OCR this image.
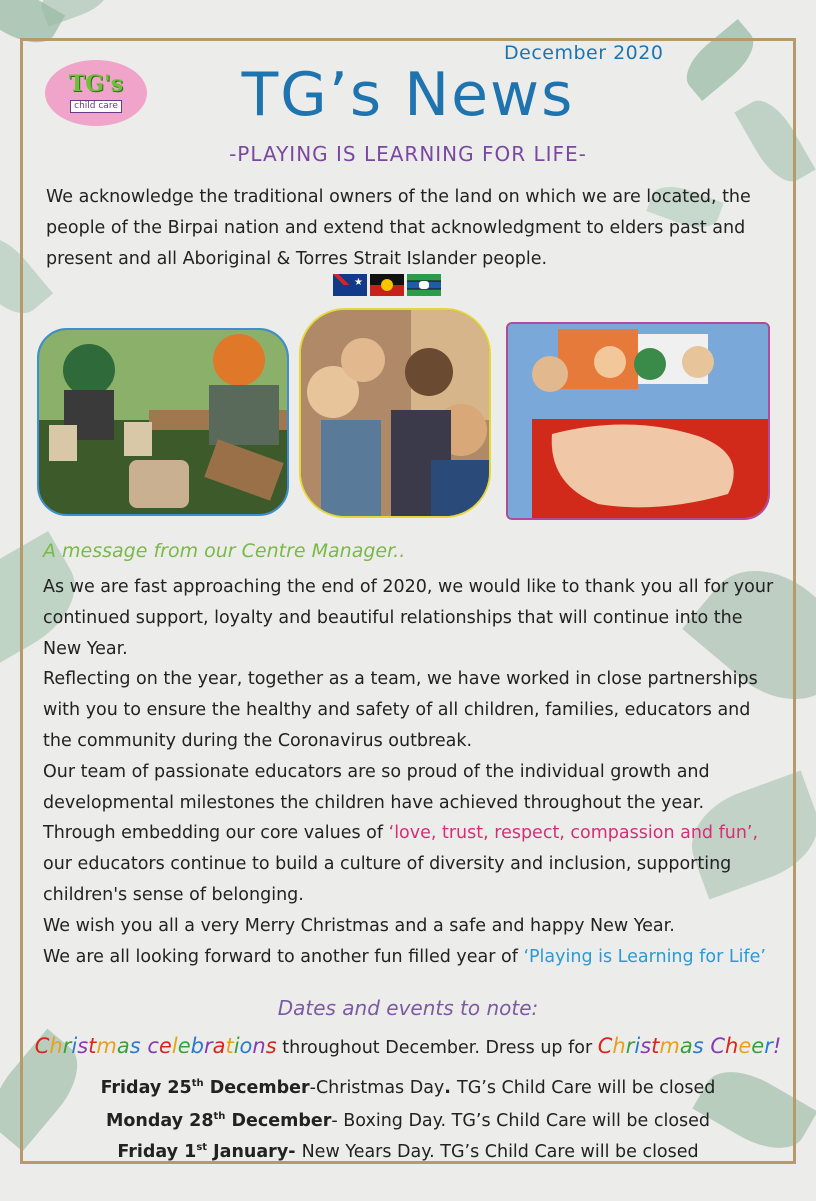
December 2020
TG's
child care	TG’s News
-PLAYING IS LEARNING FOR LIFE-
We acknowledge the traditional owners of the land on which we are located, the people of the Birpai nation and extend that acknowledgment to elders past and present and all Aboriginal & Torres Strait Islander people.
★
A message from our Centre Manager..

As we are fast approaching the end of 2020, we would like to thank you all for your continued support, loyalty and beautiful relationships that will continue into the New Year.

Reflecting on the year, together as a team, we have worked in close partnerships with you to ensure the healthy and safety of all children, families, educators and the community during the Coronavirus outbreak.

Our team of passionate educators are so proud of the individual growth and developmental milestones the children have achieved throughout the year.

Through embedding our core values of ‘love, trust, respect, compassion and fun’, our educators continue to build a culture of diversity and inclusion, supporting children's sense of belonging.

We wish you all a very Merry Christmas and a safe and happy New Year.

We are all looking forward to another fun filled year of ‘Playing is Learning for Life’

Dates and events to note:
Christmas celebrations throughout December. Dress up for Christmas Cheer!
Friday 25th December-Christmas Day. TG’s Child Care will be closed
Monday 28th December- Boxing Day. TG’s Child Care will be closed
Friday 1st January- New Years Day. TG’s Child Care will be closed
